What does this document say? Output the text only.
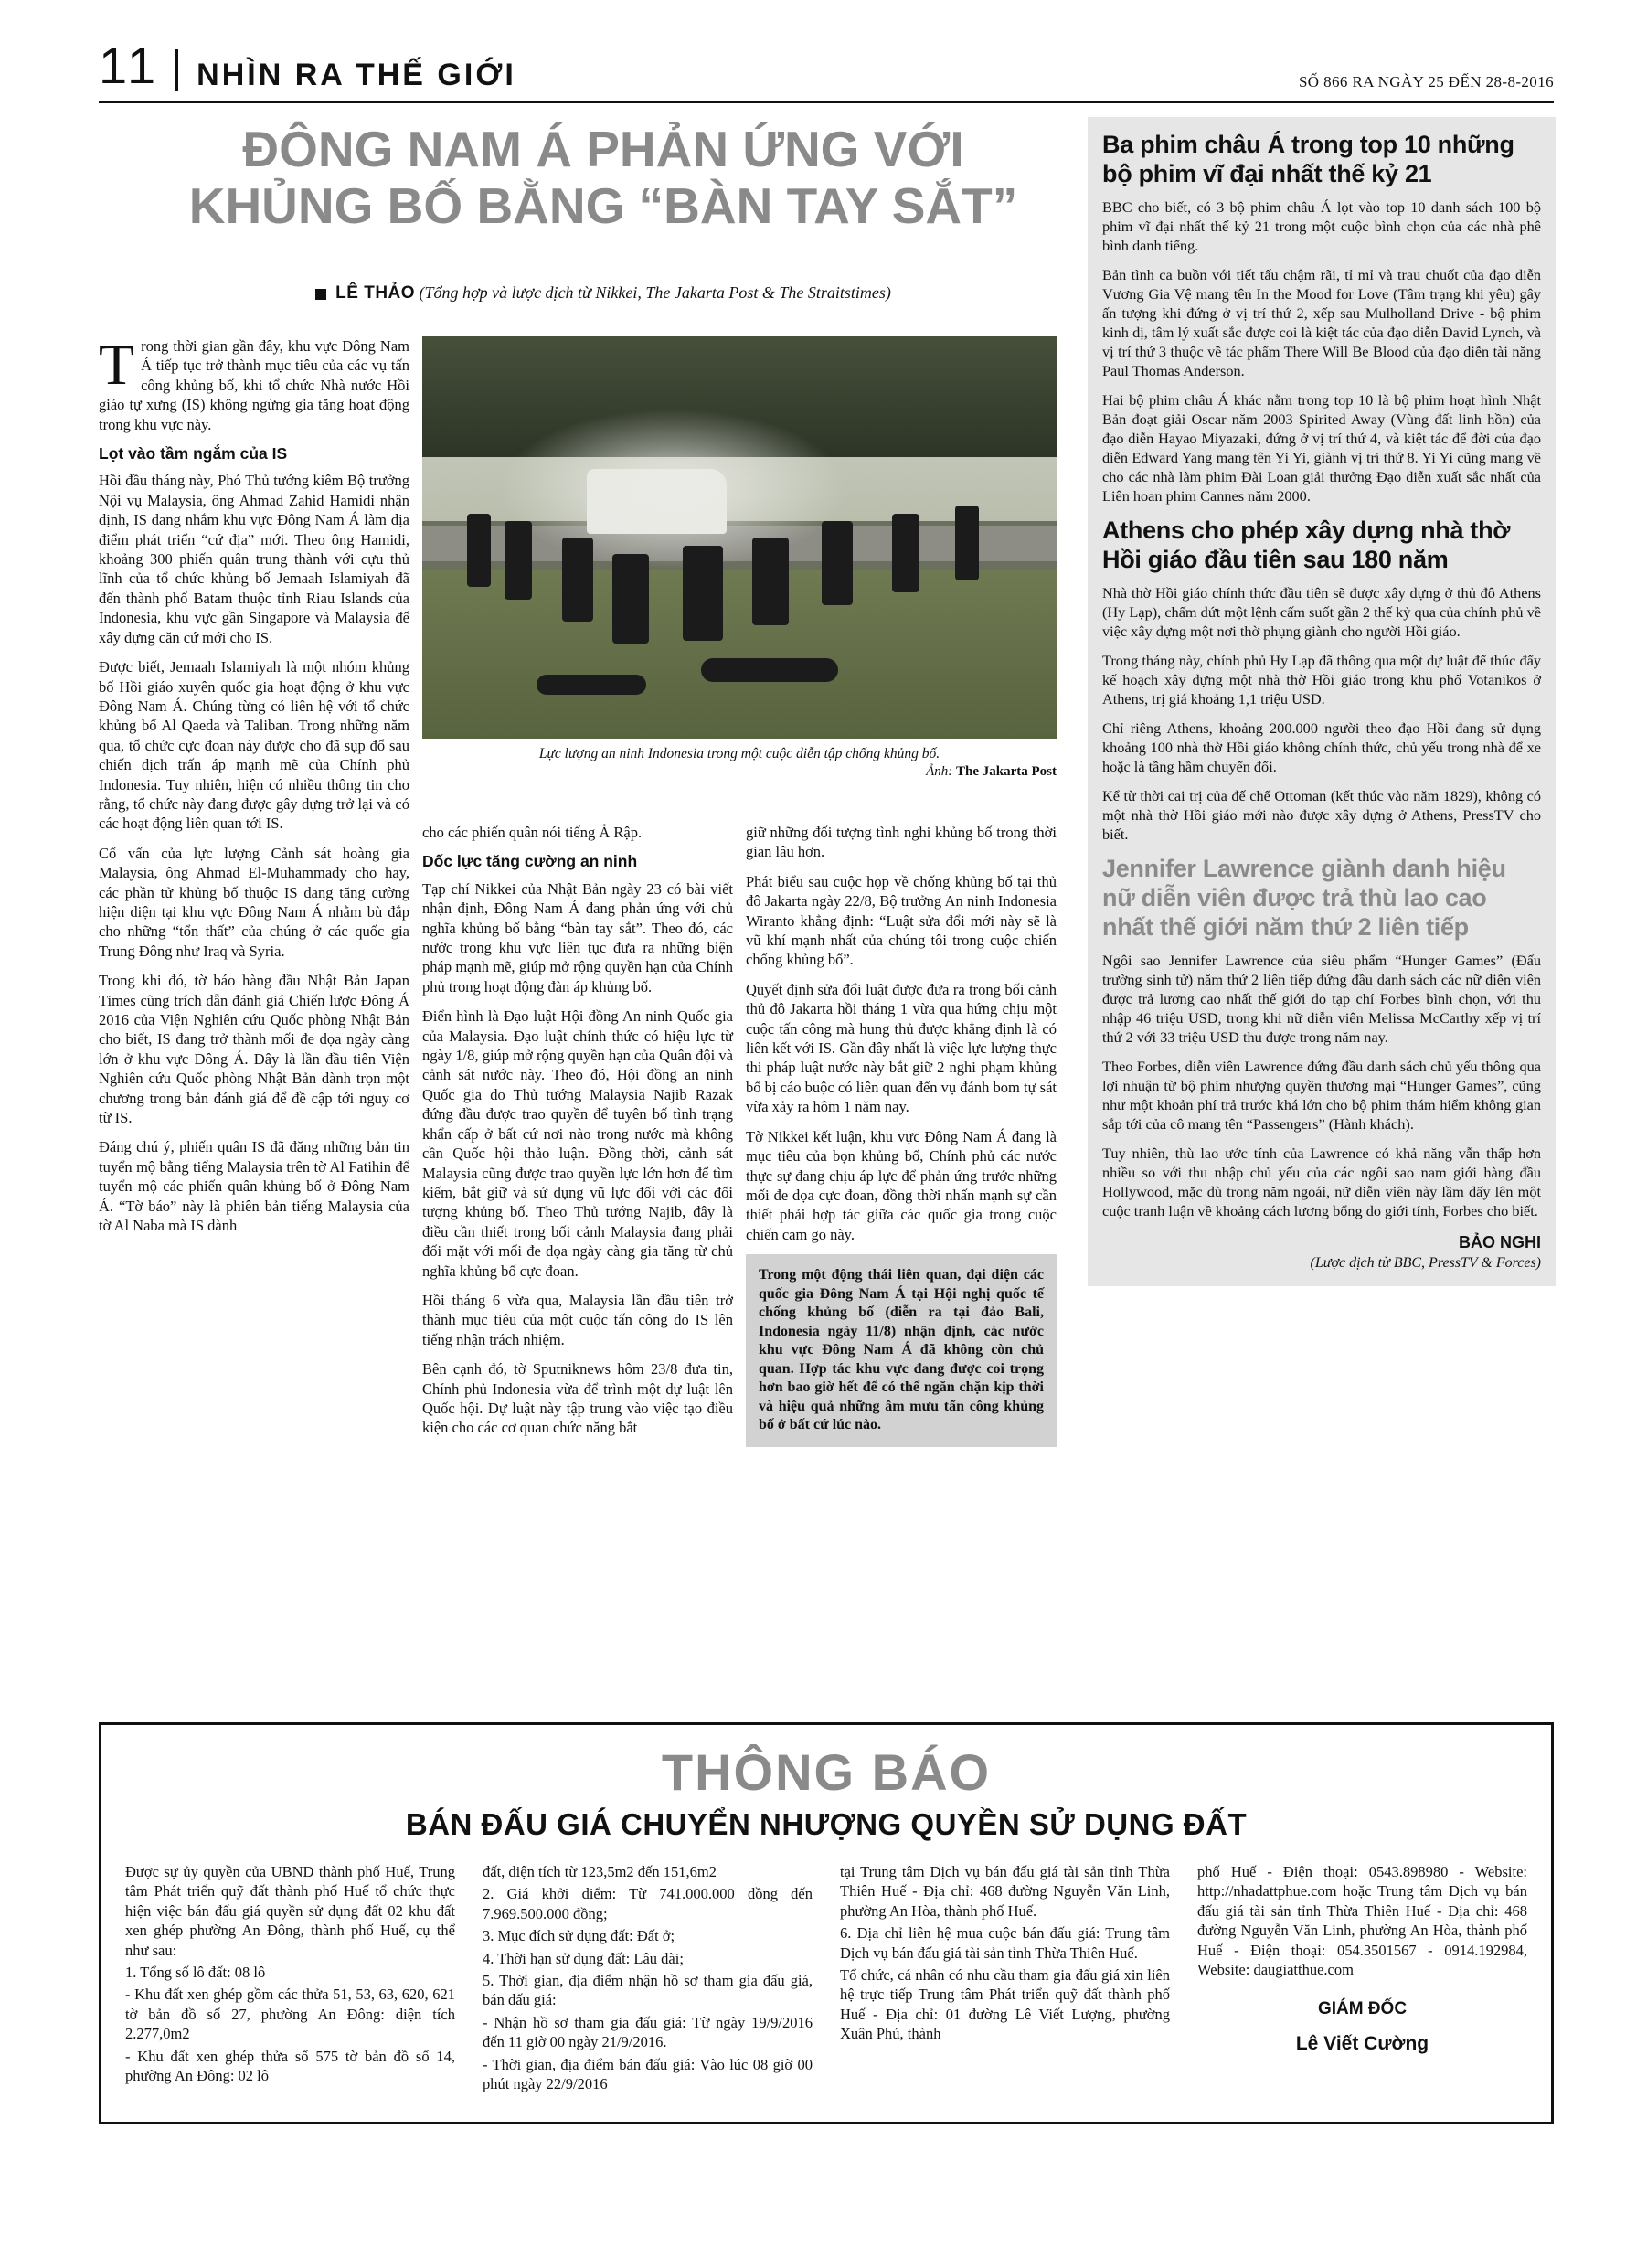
11 NHÌN RA THẾ GIỚI	SỐ 866 RA NGÀY 25 ĐẾN 28-8-2016
ĐÔNG NAM Á PHẢN ỨNG VỚI
KHỦNG BỐ BẰNG “BÀN TAY SẮT”
LÊ THẢO (Tổng hợp và lược dịch từ Nikkei, The Jakarta Post & The Straitstimes)
Lực lượng an ninh Indonesia trong một cuộc diễn tập chống khủng bố.
Ảnh: The Jakarta Post

Trong thời gian gần đây, khu vực Đông Nam Á tiếp tục trở thành mục tiêu của các vụ tấn công khủng bố, khi tổ chức Nhà nước Hồi giáo tự xưng (IS) không ngừng gia tăng hoạt động trong khu vực này.

Lọt vào tầm ngắm của IS

Hồi đầu tháng này, Phó Thủ tướng kiêm Bộ trưởng Nội vụ Malaysia, ông Ahmad Zahid Hamidi nhận định, IS đang nhắm khu vực Đông Nam Á làm địa điểm phát triển “cứ địa” mới. Theo ông Hamidi, khoảng 300 phiến quân trung thành với cựu thủ lĩnh của tổ chức khủng bố Jemaah Islamiyah đã đến thành phố Batam thuộc tỉnh Riau Islands của Indonesia, khu vực gần Singapore và Malaysia để xây dựng căn cứ mới cho IS.

Được biết, Jemaah Islamiyah là một nhóm khủng bố Hồi giáo xuyên quốc gia hoạt động ở khu vực Đông Nam Á. Chúng từng có liên hệ với tổ chức khủng bố Al Qaeda và Taliban. Trong những năm qua, tổ chức cực đoan này được cho đã sụp đổ sau chiến dịch trấn áp mạnh mẽ của Chính phủ Indonesia. Tuy nhiên, hiện có nhiều thông tin cho rằng, tổ chức này đang được gây dựng trở lại và có các hoạt động liên quan tới IS.

Cố vấn của lực lượng Cảnh sát hoàng gia Malaysia, ông Ahmad El-Muhammady cho hay, các phần tử khủng bố thuộc IS đang tăng cường hiện diện tại khu vực Đông Nam Á nhằm bù đắp cho những “tổn thất” của chúng ở các quốc gia Trung Đông như Iraq và Syria.

Trong khi đó, tờ báo hàng đầu Nhật Bản Japan Times cũng trích dẫn đánh giá Chiến lược Đông Á 2016 của Viện Nghiên cứu Quốc phòng Nhật Bản cho biết, IS đang trở thành mối đe dọa ngày càng lớn ở khu vực Đông Á. Đây là lần đầu tiên Viện Nghiên cứu Quốc phòng Nhật Bản dành trọn một chương trong bản đánh giá để đề cập tới nguy cơ từ IS.

Đáng chú ý, phiến quân IS đã đăng những bản tin tuyển mộ bằng tiếng Malaysia trên tờ Al Fatihin để tuyển mộ các phiến quân khủng bố ở Đông Nam Á. “Tờ báo” này là phiên bản tiếng Malaysia của tờ Al Naba mà IS dành

cho các phiến quân nói tiếng Ả Rập.

Dốc lực tăng cường an ninh

Tạp chí Nikkei của Nhật Bản ngày 23 có bài viết nhận định, Đông Nam Á đang phản ứng với chủ nghĩa khủng bố bằng “bàn tay sắt”. Theo đó, các nước trong khu vực liên tục đưa ra những biện pháp mạnh mẽ, giúp mở rộng quyền hạn của Chính phủ trong hoạt động đàn áp khủng bố.

Điển hình là Đạo luật Hội đồng An ninh Quốc gia của Malaysia. Đạo luật chính thức có hiệu lực từ ngày 1/8, giúp mở rộng quyền hạn của Quân đội và cảnh sát nước này. Theo đó, Hội đồng an ninh Quốc gia do Thủ tướng Malaysia Najib Razak đứng đầu được trao quyền để tuyên bố tình trạng khẩn cấp ở bất cứ nơi nào trong nước mà không cần Quốc hội thảo luận. Đồng thời, cảnh sát Malaysia cũng được trao quyền lực lớn hơn để tìm kiếm, bắt giữ và sử dụng vũ lực đối với các đối tượng khủng bố. Theo Thủ tướng Najib, đây là điều cần thiết trong bối cảnh Malaysia đang phải đối mặt với mối đe dọa ngày càng gia tăng từ chủ nghĩa khủng bố cực đoan.

Hồi tháng 6 vừa qua, Malaysia lần đầu tiên trở thành mục tiêu của một cuộc tấn công do IS lên tiếng nhận trách nhiệm.

Bên cạnh đó, tờ Sputniknews hôm 23/8 đưa tin, Chính phủ Indonesia vừa để trình một dự luật lên Quốc hội. Dự luật này tập trung vào việc tạo điều kiện cho các cơ quan chức năng bắt

giữ những đối tượng tình nghi khủng bố trong thời gian lâu hơn.

Phát biểu sau cuộc họp về chống khủng bố tại thủ đô Jakarta ngày 22/8, Bộ trưởng An ninh Indonesia Wiranto khẳng định: “Luật sửa đổi mới này sẽ là vũ khí mạnh nhất của chúng tôi trong cuộc chiến chống khủng bố”.

Quyết định sửa đổi luật được đưa ra trong bối cảnh thủ đô Jakarta hồi tháng 1 vừa qua hứng chịu một cuộc tấn công mà hung thủ được khẳng định là có liên kết với IS. Gần đây nhất là việc lực lượng thực thi pháp luật nước này bắt giữ 2 nghi phạm khủng bố bị cáo buộc có liên quan đến vụ đánh bom tự sát vừa xảy ra hôm 1 năm nay.

Tờ Nikkei kết luận, khu vực Đông Nam Á đang là mục tiêu của bọn khủng bố, Chính phủ các nước thực sự đang chịu áp lực để phản ứng trước những mối đe dọa cực đoan, đồng thời nhấn mạnh sự cần thiết phải hợp tác giữa các quốc gia trong cuộc chiến cam go này.

Trong một động thái liên quan, đại diện các quốc gia Đông Nam Á tại Hội nghị quốc tế chống khủng bố (diễn ra tại đảo Bali, Indonesia ngày 11/8) nhận định, các nước khu vực Đông Nam Á đã không còn chủ quan. Hợp tác khu vực đang được coi trọng hơn bao giờ hết để có thể ngăn chặn kịp thời và hiệu quả những âm mưu tấn công khủng bố ở bất cứ lúc nào.
Ba phim châu Á trong top 10 những bộ phim vĩ đại nhất thế kỷ 21

BBC cho biết, có 3 bộ phim châu Á lọt vào top 10 danh sách 100 bộ phim vĩ đại nhất thế kỷ 21 trong một cuộc bình chọn của các nhà phê bình danh tiếng.

Bản tình ca buồn với tiết tấu chậm rãi, tỉ mỉ và trau chuốt của đạo diễn Vương Gia Vệ mang tên In the Mood for Love (Tâm trạng khi yêu) gây ấn tượng khi đứng ở vị trí thứ 2, xếp sau Mulholland Drive - bộ phim kinh dị, tâm lý xuất sắc được coi là kiệt tác của đạo diễn David Lynch, và vị trí thứ 3 thuộc về tác phẩm There Will Be Blood của đạo diễn tài năng Paul Thomas Anderson.

Hai bộ phim châu Á khác nằm trong top 10 là bộ phim hoạt hình Nhật Bản đoạt giải Oscar năm 2003 Spirited Away (Vùng đất linh hồn) của đạo diễn Hayao Miyazaki, đứng ở vị trí thứ 4, và kiệt tác để đời của đạo diễn Edward Yang mang tên Yi Yi, giành vị trí thứ 8. Yi Yi cũng mang về cho các nhà làm phim Đài Loan giải thưởng Đạo diễn xuất sắc nhất của Liên hoan phim Cannes năm 2000.

Athens cho phép xây dựng nhà thờ Hồi giáo đầu tiên sau 180 năm

Nhà thờ Hồi giáo chính thức đầu tiên sẽ được xây dựng ở thủ đô Athens (Hy Lạp), chấm dứt một lệnh cấm suốt gần 2 thế kỷ qua của chính phủ về việc xây dựng một nơi thờ phụng giành cho người Hồi giáo.

Trong tháng này, chính phủ Hy Lạp đã thông qua một dự luật để thúc đẩy kế hoạch xây dựng một nhà thờ Hồi giáo trong khu phố Votanikos ở Athens, trị giá khoảng 1,1 triệu USD.

Chỉ riêng Athens, khoảng 200.000 người theo đạo Hồi đang sử dụng khoảng 100 nhà thờ Hồi giáo không chính thức, chủ yếu trong nhà để xe hoặc là tầng hầm chuyển đổi.

Kể từ thời cai trị của đế chế Ottoman (kết thúc vào năm 1829), không có một nhà thờ Hồi giáo mới nào được xây dựng ở Athens, PressTV cho biết.

Jennifer Lawrence giành danh hiệu nữ diễn viên được trả thù lao cao nhất thế giới năm thứ 2 liên tiếp

Ngôi sao Jennifer Lawrence của siêu phẩm “Hunger Games” (Đấu trường sinh tử) năm thứ 2 liên tiếp đứng đầu danh sách các nữ diễn viên được trả lương cao nhất thế giới do tạp chí Forbes bình chọn, với thu nhập 46 triệu USD, trong khi nữ diễn viên Melissa McCarthy xếp vị trí thứ 2 với 33 triệu USD thu được trong năm nay.

Theo Forbes, diễn viên Lawrence đứng đầu danh sách chủ yếu thông qua lợi nhuận từ bộ phim nhượng quyền thương mại “Hunger Games”, cũng như một khoản phí trả trước khá lớn cho bộ phim thám hiểm không gian sắp tới của cô mang tên “Passengers” (Hành khách).

Tuy nhiên, thù lao ước tính của Lawrence có khả năng vẫn thấp hơn nhiều so với thu nhập chủ yếu của các ngôi sao nam giới hàng đầu Hollywood, mặc dù trong năm ngoái, nữ diễn viên này lầm dấy lên một cuộc tranh luận về khoảng cách lương bổng do giới tính, Forbes cho biết.

BẢO NGHI
(Lược dịch từ BBC, PressTV & Forces)
THÔNG BÁO
BÁN ĐẤU GIÁ CHUYỂN NHƯỢNG QUYỀN SỬ DỤNG ĐẤT

Được sự ủy quyền của UBND thành phố Huế, Trung tâm Phát triển quỹ đất thành phố Huế tổ chức thực hiện việc bán đấu giá quyền sử dụng đất 02 khu đất xen ghép phường An Đông, thành phố Huế, cụ thể như sau:

1. Tổng số lô đất: 08 lô

- Khu đất xen ghép gồm các thửa 51, 53, 63, 620, 621 tờ bản đồ số 27, phường An Đông: diện tích 2.277,0m2

- Khu đất xen ghép thửa số 575 tờ bản đồ số 14, phường An Đông: 02 lô

đất, diện tích từ 123,5m2 đến 151,6m2

2. Giá khởi điểm: Từ 741.000.000 đồng đến 7.969.500.000 đồng;

3. Mục đích sử dụng đất: Đất ở;

4. Thời hạn sử dụng đất: Lâu dài;

5. Thời gian, địa điểm nhận hồ sơ tham gia đấu giá, bán đấu giá:

- Nhận hồ sơ tham gia đấu giá: Từ ngày 19/9/2016 đến 11 giờ 00 ngày 21/9/2016.

- Thời gian, địa điểm bán đấu giá: Vào lúc 08 giờ 00 phút ngày 22/9/2016

tại Trung tâm Dịch vụ bán đấu giá tài sản tỉnh Thừa Thiên Huế - Địa chỉ: 468 đường Nguyễn Văn Linh, phường An Hòa, thành phố Huế.

6. Địa chỉ liên hệ mua cuộc bán đấu giá: Trung tâm Dịch vụ bán đấu giá tài sản tỉnh Thừa Thiên Huế.

Tổ chức, cá nhân có nhu cầu tham gia đấu giá xin liên hệ trực tiếp Trung tâm Phát triển quỹ đất thành phố Huế - Địa chỉ: 01 đường Lê Viết Lượng, phường Xuân Phú, thành

phố Huế - Điện thoại: 0543.898980 - Website: http://nhadattphue.com hoặc Trung tâm Dịch vụ bán đấu giá tài sản tỉnh Thừa Thiên Huế - Địa chỉ: 468 đường Nguyễn Văn Linh, phường An Hòa, thành phố Huế - Điện thoại: 054.3501567 - 0914.192984, Website: daugiatthue.com

GIÁM ĐỐC
Lê Viết Cường
